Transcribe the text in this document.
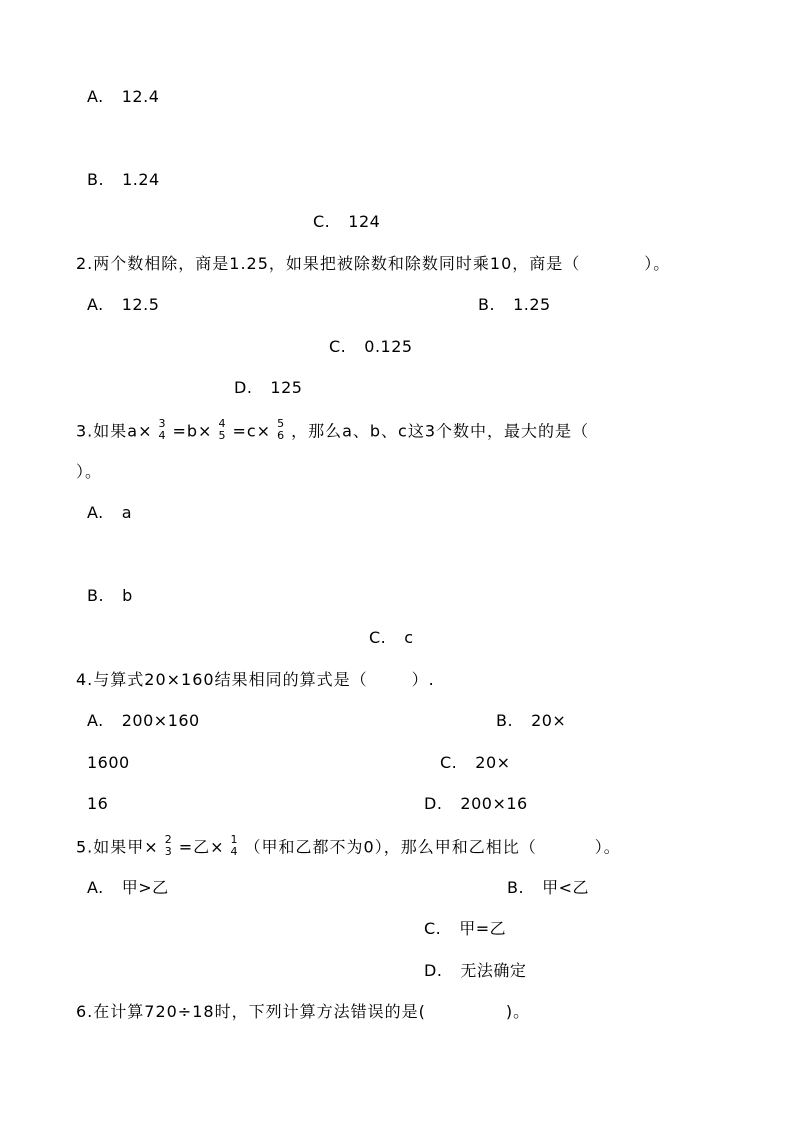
A. 12.4
B. 1.24
C. 124
2.两个数相除，商是1.25，如果把被除数和除数同时乘10，商是（	）。
A. 12.5	B. 1.25
C. 0.125
D. 125
3.如果a× 3
4 =b× 4
5 =c× 5
6 ，那么a、b、c这3个数中，最大的是（
）。
A. a
B. b
C. c
4.与算式20×160结果相同的算式是（	）.
A. 200×160	B. 20×
1600	C. 20×
16	D. 200×16
5.如果甲× 2
3 =乙× 1
4 （甲和乙都不为0），那么甲和乙相比（	）。
A. 甲>乙	B. 甲<乙
C. 甲=乙
D. 无法确定
6.在计算720÷18时，下列计算方法错误的是(	)。
